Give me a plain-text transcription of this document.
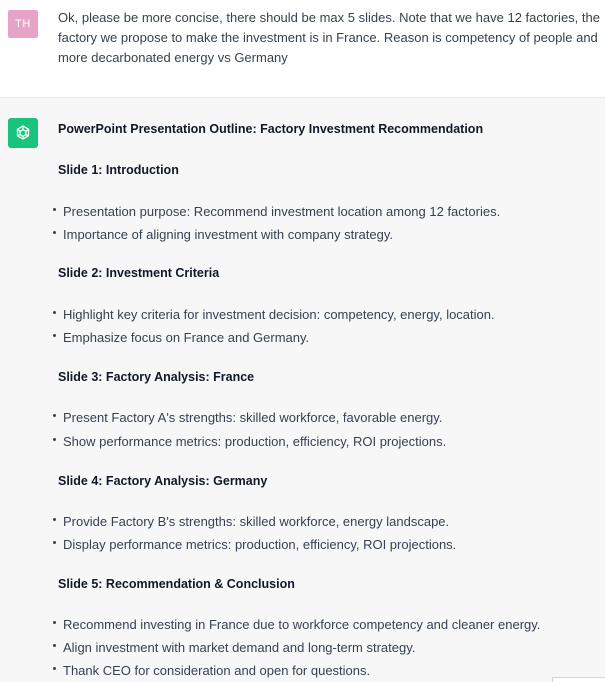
TH	Ok, please be more concise, there should be max 5 slides. Note that we have 12 factories, the factory we propose to make the investment is in France. Reason is competency of people and more decarbonated energy vs Germany
PowerPoint Presentation Outline: Factory Investment Recommendation
Slide 1: Introduction
Presentation purpose: Recommend investment location among 12 factories.
Importance of aligning investment with company strategy.
Slide 2: Investment Criteria
Highlight key criteria for investment decision: competency, energy, location.
Emphasize focus on France and Germany.
Slide 3: Factory Analysis: France
Present Factory A's strengths: skilled workforce, favorable energy.
Show performance metrics: production, efficiency, ROI projections.
Slide 4: Factory Analysis: Germany
Provide Factory B's strengths: skilled workforce, energy landscape.
Display performance metrics: production, efficiency, ROI projections.
Slide 5: Recommendation & Conclusion
Recommend investing in France due to workforce competency and cleaner energy.
Align investment with market demand and long-term strategy.
Thank CEO for consideration and open for questions.
